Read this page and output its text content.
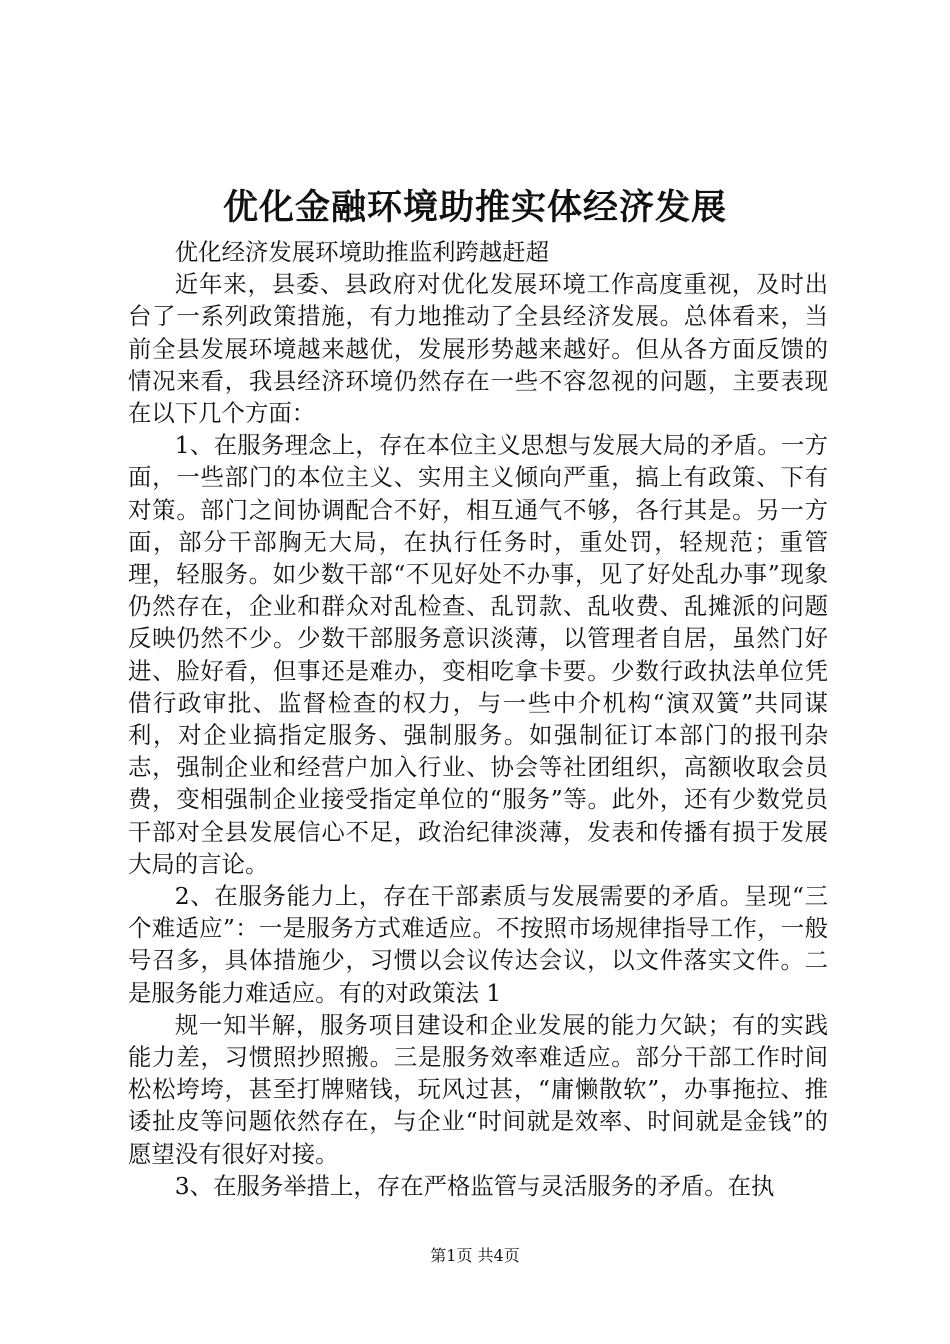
优化金融环境助推实体经济发展

优化经济发展环境助推监利跨越赶超

近年来，县委、县政府对优化发展环境工作高度重视，及时出台了一系列政策措施，有力地推动了全县经济发展。总体看来，当前全县发展环境越来越优，发展形势越来越好。但从各方面反馈的情况来看，我县经济环境仍然存在一些不容忽视的问题，主要表现在以下几个方面：

1、在服务理念上，存在本位主义思想与发展大局的矛盾。一方面，一些部门的本位主义、实用主义倾向严重，搞上有政策、下有对策。部门之间协调配合不好，相互通气不够，各行其是。另一方面，部分干部胸无大局，在执行任务时，重处罚，轻规范；重管理，轻服务。如少数干部“不见好处不办事，见了好处乱办事”现象仍然存在，企业和群众对乱检查、乱罚款、乱收费、乱摊派的问题反映仍然不少。少数干部服务意识淡薄，以管理者自居，虽然门好进、脸好看，但事还是难办，变相吃拿卡要。少数行政执法单位凭借行政审批、监督检查的权力，与一些中介机构“演双簧”共同谋利，对企业搞指定服务、强制服务。如强制征订本部门的报刊杂志，强制企业和经营户加入行业、协会等社团组织，高额收取会员费，变相强制企业接受指定单位的“服务”等。此外，还有少数党员干部对全县发展信心不足，政治纪律淡薄，发表和传播有损于发展大局的言论。

2、在服务能力上，存在干部素质与发展需要的矛盾。呈现“三个难适应”：一是服务方式难适应。不按照市场规律指导工作，一般号召多，具体措施少，习惯以会议传达会议，以文件落实文件。二是服务能力难适应。有的对政策法 1

规一知半解，服务项目建设和企业发展的能力欠缺；有的实践能力差，习惯照抄照搬。三是服务效率难适应。部分干部工作时间松松垮垮，甚至打牌赌钱，玩风过甚，“庸懒散软”，办事拖拉、推诿扯皮等问题依然存在，与企业“时间就是效率、时间就是金钱”的愿望没有很好对接。

3、在服务举措上，存在严格监管与灵活服务的矛盾。在执

第1页 共4页
